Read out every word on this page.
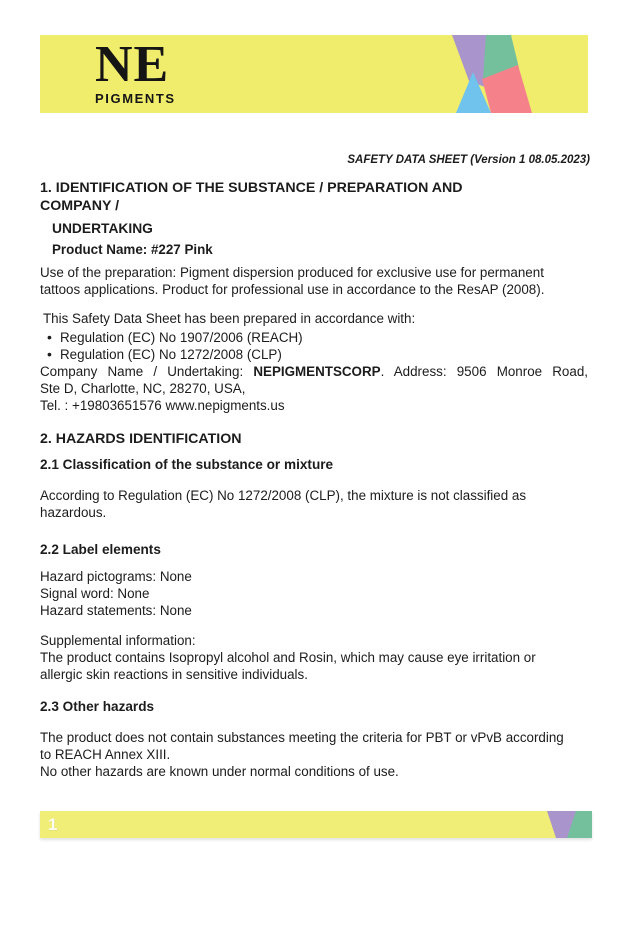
NE
PIGMENTS
SAFETY DATA SHEET (Version 1 08.05.2023)
1. IDENTIFICATION OF THE SUBSTANCE / PREPARATION AND
COMPANY /
UNDERTAKING
Product Name: #227 Pink

Use of the preparation: Pigment dispersion produced for exclusive use for permanent
tattoos applications. Product for professional use in accordance to the ResAP (2008).

This Safety Data Sheet has been prepared in accordance with:

• Regulation (EC) No 1907/2006 (REACH)
• Regulation (EC) No 1272/2008 (CLP)
Company Name / Undertaking: NEPIGMENTSCORP. Address: 9506 Monroe Road,
Ste D, Charlotte, NC, 28270, USA,
Tel. : +19803651576 www.nepigments.us
2. HAZARDS IDENTIFICATION
2.1 Classification of the substance or mixture

According to Regulation (EC) No 1272/2008 (CLP), the mixture is not classified as
hazardous.

2.2 Label elements

Hazard pictograms: None
Signal word: None
Hazard statements: None

Supplemental information:
The product contains Isopropyl alcohol and Rosin, which may cause eye irritation or
allergic skin reactions in sensitive individuals.

2.3 Other hazards

The product does not contain substances meeting the criteria for PBT or vPvB according
to REACH Annex XIII.
No other hazards are known under normal conditions of use.

1
